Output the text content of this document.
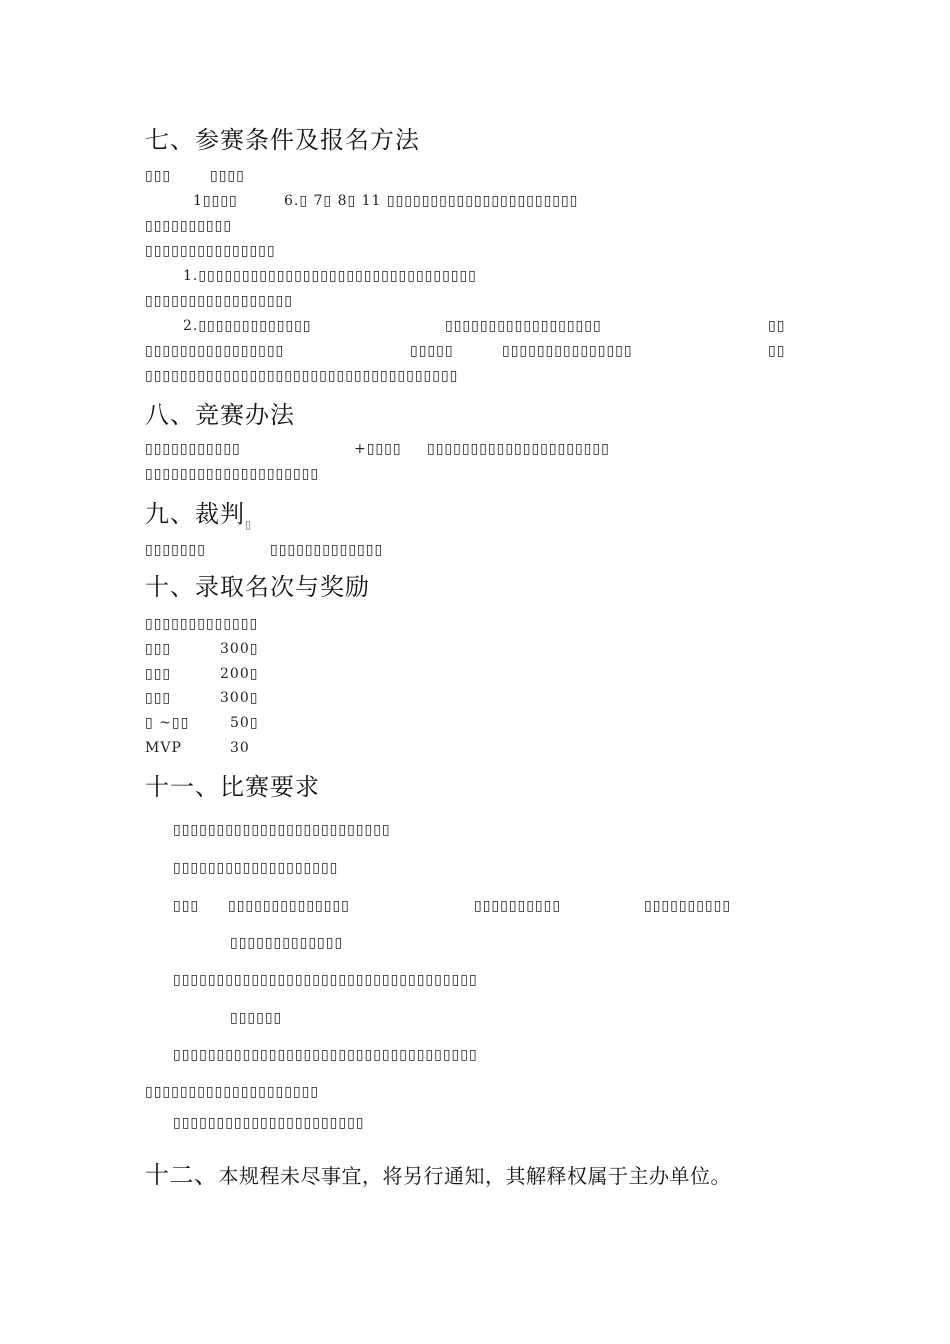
七、参赛条件及报名方法
▯▯▯	▯▯▯▯
1▯▯▯▯	6.▯ 7▯ 8▯ 11 ▯▯▯▯▯▯▯▯▯▯▯▯▯▯▯▯▯▯▯▯▯▯
▯▯▯▯▯▯▯▯▯▯
▯▯▯▯▯▯▯▯▯▯▯▯▯▯▯
1.▯▯▯▯▯▯▯▯▯▯▯▯▯▯▯▯▯▯▯▯▯▯▯▯▯▯▯▯▯▯▯▯
▯▯▯▯▯▯▯▯▯▯▯▯▯▯▯▯▯
2.▯▯▯▯▯▯▯▯▯▯▯▯▯	▯▯▯▯▯▯▯▯▯▯▯▯▯▯▯▯▯▯	▯▯
▯▯▯▯▯▯▯▯▯▯▯▯▯▯▯▯	▯▯▯▯▯	▯▯▯▯▯▯▯▯▯▯▯▯▯▯▯	▯▯
▯▯▯▯▯▯▯▯▯▯▯▯▯▯▯▯▯▯▯▯▯▯▯▯▯▯▯▯▯▯▯▯▯▯▯▯
八、竞赛办法
▯▯▯▯▯▯▯▯▯▯▯	+▯▯▯▯ ▯▯▯▯▯▯▯▯▯▯▯▯▯▯▯▯▯▯▯▯▯
▯▯▯▯▯▯▯▯▯▯▯▯▯▯▯▯▯▯▯▯
九、裁判$_▯$
▯▯▯▯▯▯▯	▯▯▯▯▯▯▯▯▯▯▯▯▯
十、录取名次与奖励
▯▯▯▯▯▯▯▯▯▯▯▯▯
▯▯▯	300▯
▯▯▯	200▯
▯▯▯	300▯
▯ ~▯▯	50▯
MVP	30
十一、比赛要求
▯▯▯▯▯▯▯▯▯▯▯▯▯▯▯▯▯▯▯▯▯▯▯▯▯
▯▯▯▯▯▯▯▯▯▯▯▯▯▯▯▯▯▯▯
▯▯▯ ▯▯▯▯▯▯▯▯▯▯▯▯▯▯	▯▯▯▯▯▯▯▯▯▯	▯▯▯▯▯▯▯▯▯▯
▯▯▯▯▯▯▯▯▯▯▯▯▯
▯▯▯▯▯▯▯▯▯▯▯▯▯▯▯▯▯▯▯▯▯▯▯▯▯▯▯▯▯▯▯▯▯▯▯
▯▯▯▯▯▯
▯▯▯▯▯▯▯▯▯▯▯▯▯▯▯▯▯▯▯▯▯▯▯▯▯▯▯▯▯▯▯▯▯▯▯
▯▯▯▯▯▯▯▯▯▯▯▯▯▯▯▯▯▯▯▯
▯▯▯▯▯▯▯▯▯▯▯▯▯▯▯▯▯▯▯▯▯▯
十二、本规程未尽事宜，将另行通知，其解释权属于主办单位。
